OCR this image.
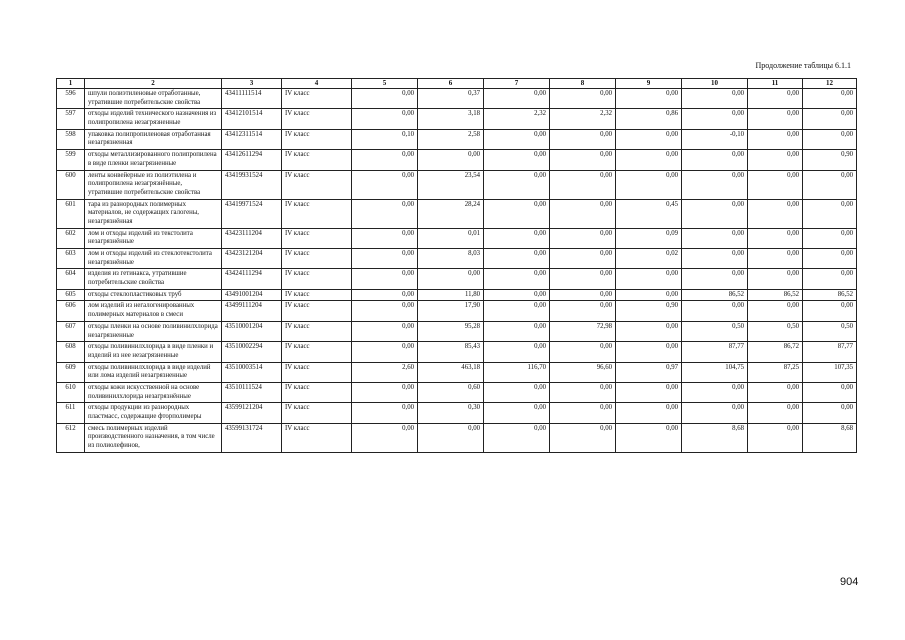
Продолжение таблицы 6.1.1
1	2	3	4	5	6	7	8	9	10	11	12
596	шпули полиэтиленовые отработанные, утратившие потребительские свойства	43411111514	IV класс	0,00	0,37	0,00	0,00	0,00	0,00	0,00	0,00
597	отходы изделий технического назначения из полипропилена незагрязненные	43412101514	IV класс	0,00	3,18	2,32	2,32	0,86	0,00	0,00	0,00
598	упаковка полипропиленовая отработанная незагрязненная	43412311514	IV класс	0,10	2,58	0,00	0,00	0,00	-0,10	0,00	0,00
599	отходы металлизированного полипропилена в виде пленки незагрязненные	43412611294	IV класс	0,00	0,00	0,00	0,00	0,00	0,00	0,00	0,90
600	ленты конвейерные из полиэтилена и полипропилена незагрязнённые, утратившие потребительские свойства	43419931524	IV класс	0,00	23,54	0,00	0,00	0,00	0,00	0,00	0,00
601	тара из разнородных полимерных материалов, не содержащих галогены, незагрязнённая	43419971524	IV класс	0,00	28,24	0,00	0,00	0,45	0,00	0,00	0,00
602	лом и отходы изделий из текстолита незагрязнённые	43423111204	IV класс	0,00	0,01	0,00	0,00	0,09	0,00	0,00	0,00
603	лом и отходы изделий из стеклотекстолита незагрязнённые	43423121204	IV класс	0,00	8,03	0,00	0,00	0,02	0,00	0,00	0,00
604	изделия из гетинакса, утратившие потребительские свойства	43424111294	IV класс	0,00	0,00	0,00	0,00	0,00	0,00	0,00	0,00
605	отходы стеклопластиковых труб	43491001204	IV класс	0,00	11,80	0,00	0,00	0,00	86,52	86,52	86,52
606	лом изделий из негалогенированных полимерных материалов в смеси	43499111204	IV класс	0,00	17,90	0,00	0,00	0,90	0,00	0,00	0,00
607	отходы пленки на основе поливинилхлорида незагрязненные	43510001204	IV класс	0,00	95,28	0,00	72,98	0,00	0,50	0,50	0,50
608	отходы поливинилхлорида в виде пленки и изделий из нее незагрязненные	43510002294	IV класс	0,00	85,43	0,00	0,00	0,00	87,77	86,72	87,77
609	отходы поливинилхлорида в виде изделий или лома изделий незагрязненные	43510003514	IV класс	2,60	463,18	116,70	96,60	0,97	104,75	87,25	107,35
610	отходы кожи искусственной на основе поливинилхлорида незагрязнённые	43510111524	IV класс	0,00	0,60	0,00	0,00	0,00	0,00	0,00	0,00
611	отходы продукции из разнородных пластмасс, содержащие фторполимеры	43599121204	IV класс	0,00	0,30	0,00	0,00	0,00	0,00	0,00	0,00
612	смесь полимерных изделий производственного назначения, в том числе из полиолефинов,	43599131724	IV класс	0,00	0,00	0,00	0,00	0,00	8,68	0,00	8,68
904
